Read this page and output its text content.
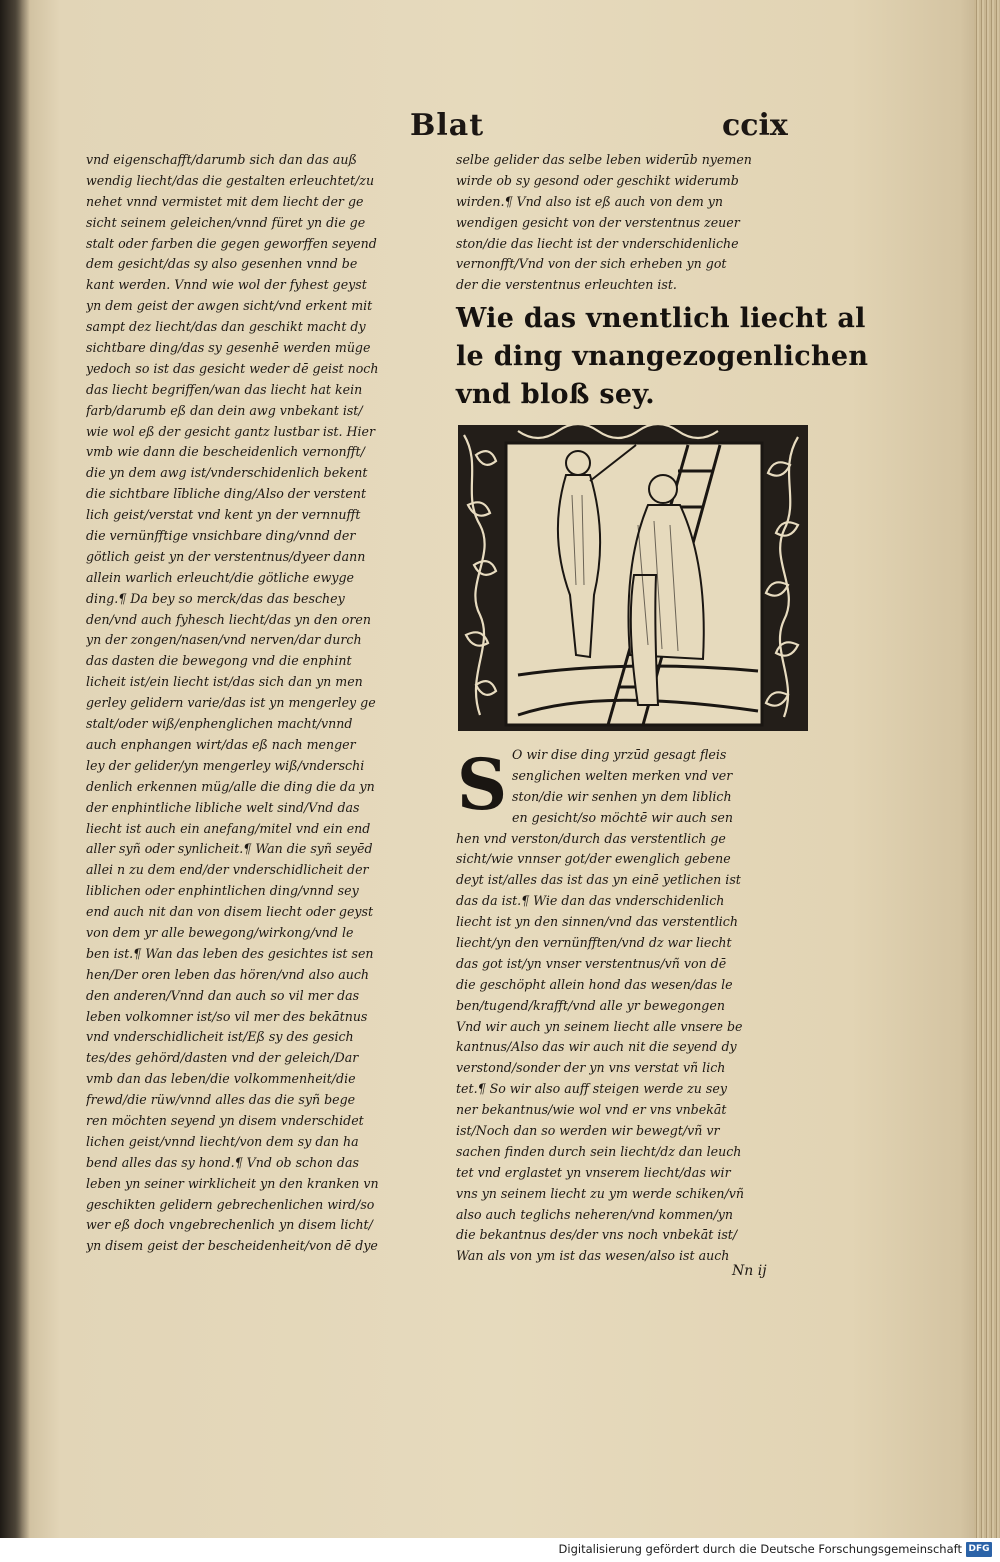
Blat	ccix
vnd eigenschafft/darumb sich dan das auß
wendig liecht/das die gestalten erleuchtet/zu
nehet vnnd vermistet mit dem liecht der ge
sicht seinem geleichen/vnnd füret yn die ge
stalt oder farben die gegen geworffen seyend
dem gesicht/das sy also gesenhen vnnd be
kant werden. Vnnd wie wol der fyhest geyst
yn dem geist der awgen sicht/vnd erkent mit
sampt dez liecht/das dan geschikt macht dy
sichtbare ding/das sy gesenhē werden müge
yedoch so ist das gesicht weder dē geist noch
das liecht begriffen/wan das liecht hat kein
farb/darumb eß dan dein awg vnbekant ist/
wie wol eß der gesicht gantz lustbar ist. Hier
vmb wie dann die bescheidenlich vernonfft/
die yn dem awg ist/vnderschidenlich bekent
die sichtbare lībliche ding/Also der verstent
lich geist/verstat vnd kent yn der vernnufft
die vernünfftige vnsichbare ding/vnnd der
götlich geist yn der verstentnus/dyeer dann
allein warlich erleucht/die götliche ewyge
ding.¶ Da bey so merck/das das beschey
den/vnd auch fyhesch liecht/das yn den oren
yn der zongen/nasen/vnd nerven/dar durch
das dasten die bewegong vnd die enphint
licheit ist/ein liecht ist/das sich dan yn men
gerley gelidern varie/das ist yn mengerley ge
stalt/oder wiß/enphenglichen macht/vnnd
auch enphangen wirt/das eß nach menger
ley der gelider/yn mengerley wiß/vnderschi
denlich erkennen müg/alle die ding die da yn
der enphintliche libliche welt sind/Vnd das
liecht ist auch ein anefang/mitel vnd ein end
aller syñ oder synlicheit.¶ Wan die syñ seyēd
allei n zu dem end/der vnderschidlicheit der
liblichen oder enphintlichen ding/vnnd sey
end auch nit dan von disem liecht oder geyst
von dem yr alle bewegong/wirkong/vnd le
ben ist.¶ Wan das leben des gesichtes ist sen
hen/Der oren leben das hören/vnd also auch
den anderen/Vnnd dan auch so vil mer das
leben volkomner ist/so vil mer des bekātnus
vnd vnderschidlicheit ist/Eß sy des gesich
tes/des gehörd/dasten vnd der geleich/Dar
vmb dan das leben/die volkommenheit/die
frewd/die rüw/vnnd alles das die syñ bege
ren möchten seyend yn disem vnderschidet
lichen geist/vnnd liecht/von dem sy dan ha
bend alles das sy hond.¶ Vnd ob schon das
leben yn seiner wirklicheit yn den kranken vn
geschikten gelidern gebrechenlichen wird/so
wer eß doch vngebrechenlich yn disem licht/
yn disem geist der bescheidenheit/von dē dye
selbe gelider das selbe leben widerūb nyemen
wirde ob sy gesond oder geschikt widerumb
wirden.¶ Vnd also ist eß auch von dem yn
wendigen gesicht von der verstentnus zeuer
ston/die das liecht ist der vnderschidenliche
vernonfft/Vnd von der sich erheben yn got
der die verstentnus erleuchten ist.
Wie das vnentlich liecht al
le ding vnangezogenlichen
vnd bloß sey.
S O wir dise ding yrzūd gesagt fleis
senglichen welten merken vnd ver
ston/die wir senhen yn dem liblich
en gesicht/so möchtē wir auch sen
hen vnd verston/durch das verstentlich ge
sicht/wie vnnser got/der ewenglich gebene
deyt ist/alles das ist das yn einē yetlichen ist
das da ist.¶ Wie dan das vnderschidenlich
liecht ist yn den sinnen/vnd das verstentlich
liecht/yn den vernünfften/vnd dz war liecht
das got ist/yn vnser verstentnus/vñ von dē
die geschöpht allein hond das wesen/das le
ben/tugend/krafft/vnd alle yr bewegongen
Vnd wir auch yn seinem liecht alle vnsere be
kantnus/Also das wir auch nit die seyend dy
verstond/sonder der yn vns verstat vñ lich
tet.¶ So wir also auff steigen werde zu sey
ner bekantnus/wie wol vnd er vns vnbekāt
ist/Noch dan so werden wir bewegt/vñ vr
sachen finden durch sein liecht/dz dan leuch
tet vnd erglastet yn vnserem liecht/das wir
vns yn seinem liecht zu ym werde schiken/vñ
also auch teglichs neheren/vnd kommen/yn
die bekantnus des/der vns noch vnbekāt ist/
Wan als von ym ist das wesen/also ist auch
Nn ij
Digitalisierung gefördert durch die Deutsche Forschungsgemeinschaft DFG
